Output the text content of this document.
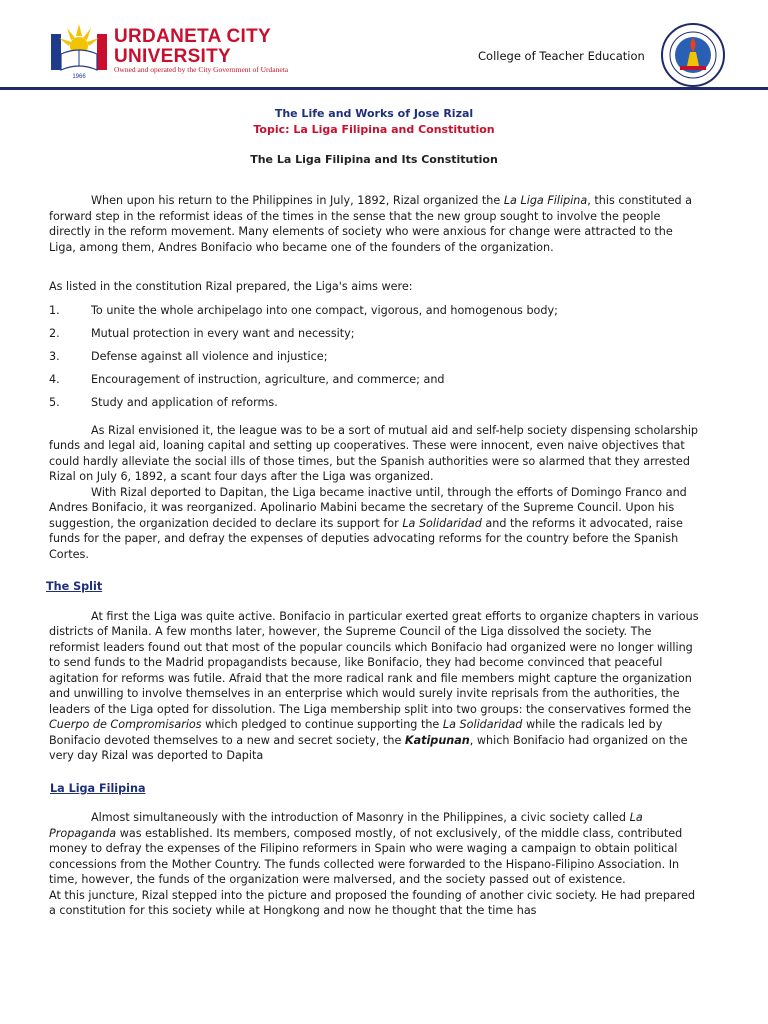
1966
URDANETA CITY
UNIVERSITY
Owned and operated by the City Government of Urdaneta
College of Teacher Education
The Life and Works of Jose Rizal
Topic: La Liga Filipina and Constitution
The La Liga Filipina and Its Constitution

When upon his return to the Philippines in July, 1892, Rizal organized the La Liga Filipina, this constituted a forward step in the reformist ideas of the times in the sense that the new group sought to involve the people directly in the reform movement. Many elements of society who were anxious for change were attracted to the Liga, among them, Andres Bonifacio who became one of the founders of the organization.

As listed in the constitution Rizal prepared, the Liga's aims were:

1.	To unite the whole archipelago into one compact, vigorous, and homogenous body;
2.	Mutual protection in every want and necessity;
3.	Defense against all violence and injustice;
4.	Encouragement of instruction, agriculture, and commerce; and
5.	Study and application of reforms.

As Rizal envisioned it, the league was to be a sort of mutual aid and self-help society dispensing scholarship funds and legal aid, loaning capital and setting up cooperatives. These were innocent, even naive objectives that could hardly alleviate the social ills of those times, but the Spanish authorities were so alarmed that they arrested Rizal on July 6, 1892, a scant four days after the Liga was organized.

With Rizal deported to Dapitan, the Liga became inactive until, through the efforts of Domingo Franco and Andres Bonifacio, it was reorganized. Apolinario Mabini became the secretary of the Supreme Council. Upon his suggestion, the organization decided to declare its support for La Solidaridad and the reforms it advocated, raise funds for the paper, and defray the expenses of deputies advocating reforms for the country before the Spanish Cortes.

The Split

At first the Liga was quite active. Bonifacio in particular exerted great efforts to organize chapters in various districts of Manila. A few months later, however, the Supreme Council of the Liga dissolved the society. The reformist leaders found out that most of the popular councils which Bonifacio had organized were no longer willing to send funds to the Madrid propagandists because, like Bonifacio, they had become convinced that peaceful agitation for reforms was futile. Afraid that the more radical rank and file members might capture the organization and unwilling to involve themselves in an enterprise which would surely invite reprisals from the authorities, the leaders of the Liga opted for dissolution. The Liga membership split into two groups: the conservatives formed the Cuerpo de Compromisarios which pledged to continue supporting the La Solidaridad while the radicals led by Bonifacio devoted themselves to a new and secret society, the Katipunan, which Bonifacio had organized on the very day Rizal was deported to Dapita

La Liga Filipina

Almost simultaneously with the introduction of Masonry in the Philippines, a civic society called La Propaganda was established. Its members, composed mostly, of not exclusively, of the middle class, contributed money to defray the expenses of the Filipino reformers in Spain who were waging a campaign to obtain political concessions from the Mother Country. The funds collected were forwarded to the Hispano-Filipino Association. In time, however, the funds of the organization were malversed, and the society passed out of existence.

At this juncture, Rizal stepped into the picture and proposed the founding of another civic society. He had prepared a constitution for this society while at Hongkong and now he thought that the time has
